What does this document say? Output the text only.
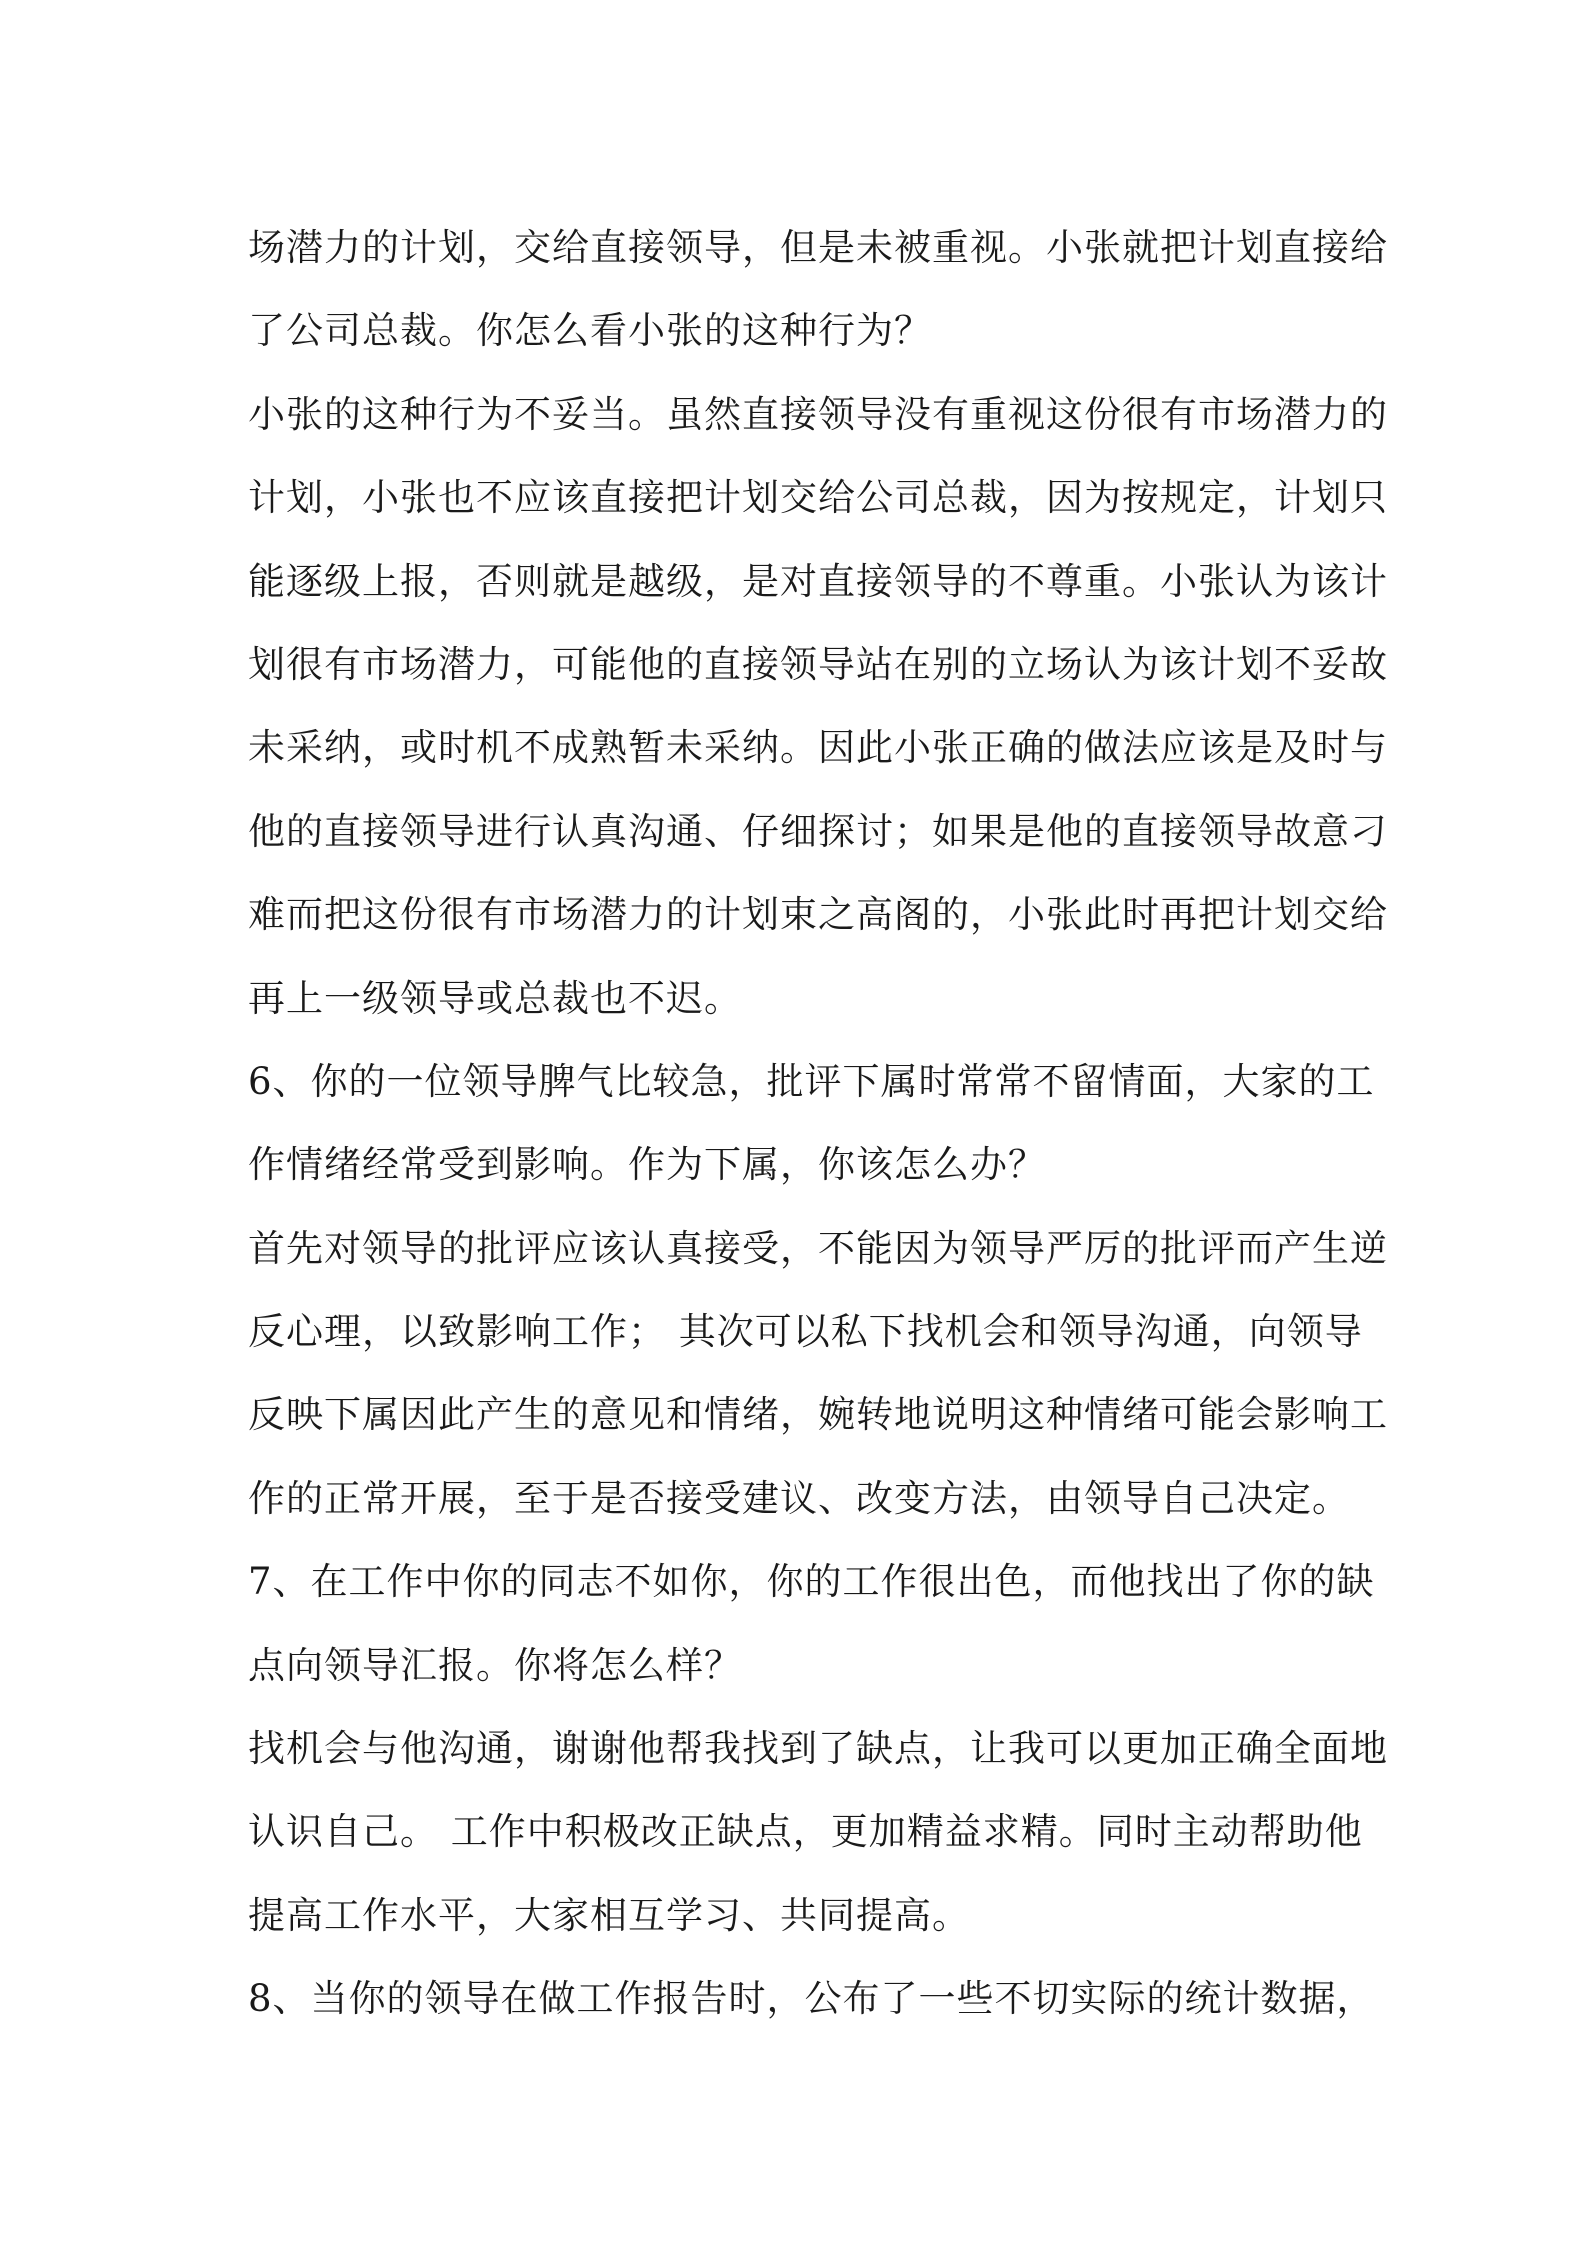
场潜力的计划，交给直接领导，但是未被重视。小张就把计划直接给
了公司总裁。你怎么看小张的这种行为？
小张的这种行为不妥当。虽然直接领导没有重视这份很有市场潜力的
计划，小张也不应该直接把计划交给公司总裁，因为按规定，计划只
能逐级上报，否则就是越级，是对直接领导的不尊重。小张认为该计
划很有市场潜力，可能他的直接领导站在别的立场认为该计划不妥故
未采纳，或时机不成熟暂未采纳。因此小张正确的做法应该是及时与
他的直接领导进行认真沟通、仔细探讨；如果是他的直接领导故意刁
难而把这份很有市场潜力的计划束之高阁的，小张此时再把计划交给
再上一级领导或总裁也不迟。
6、你的一位领导脾气比较急，批评下属时常常不留情面，大家的工
作情绪经常受到影响。作为下属，你该怎么办？
首先对领导的批评应该认真接受，不能因为领导严厉的批评而产生逆
反心理，以致影响工作； 其次可以私下找机会和领导沟通，向领导
反映下属因此产生的意见和情绪，婉转地说明这种情绪可能会影响工
作的正常开展，至于是否接受建议、改变方法，由领导自己决定。
7、在工作中你的同志不如你，你的工作很出色，而他找出了你的缺
点向领导汇报。你将怎么样？
找机会与他沟通，谢谢他帮我找到了缺点，让我可以更加正确全面地
认识自己。 工作中积极改正缺点，更加精益求精。同时主动帮助他
提高工作水平，大家相互学习、共同提高。
8、当你的领导在做工作报告时，公布了一些不切实际的统计数据，
